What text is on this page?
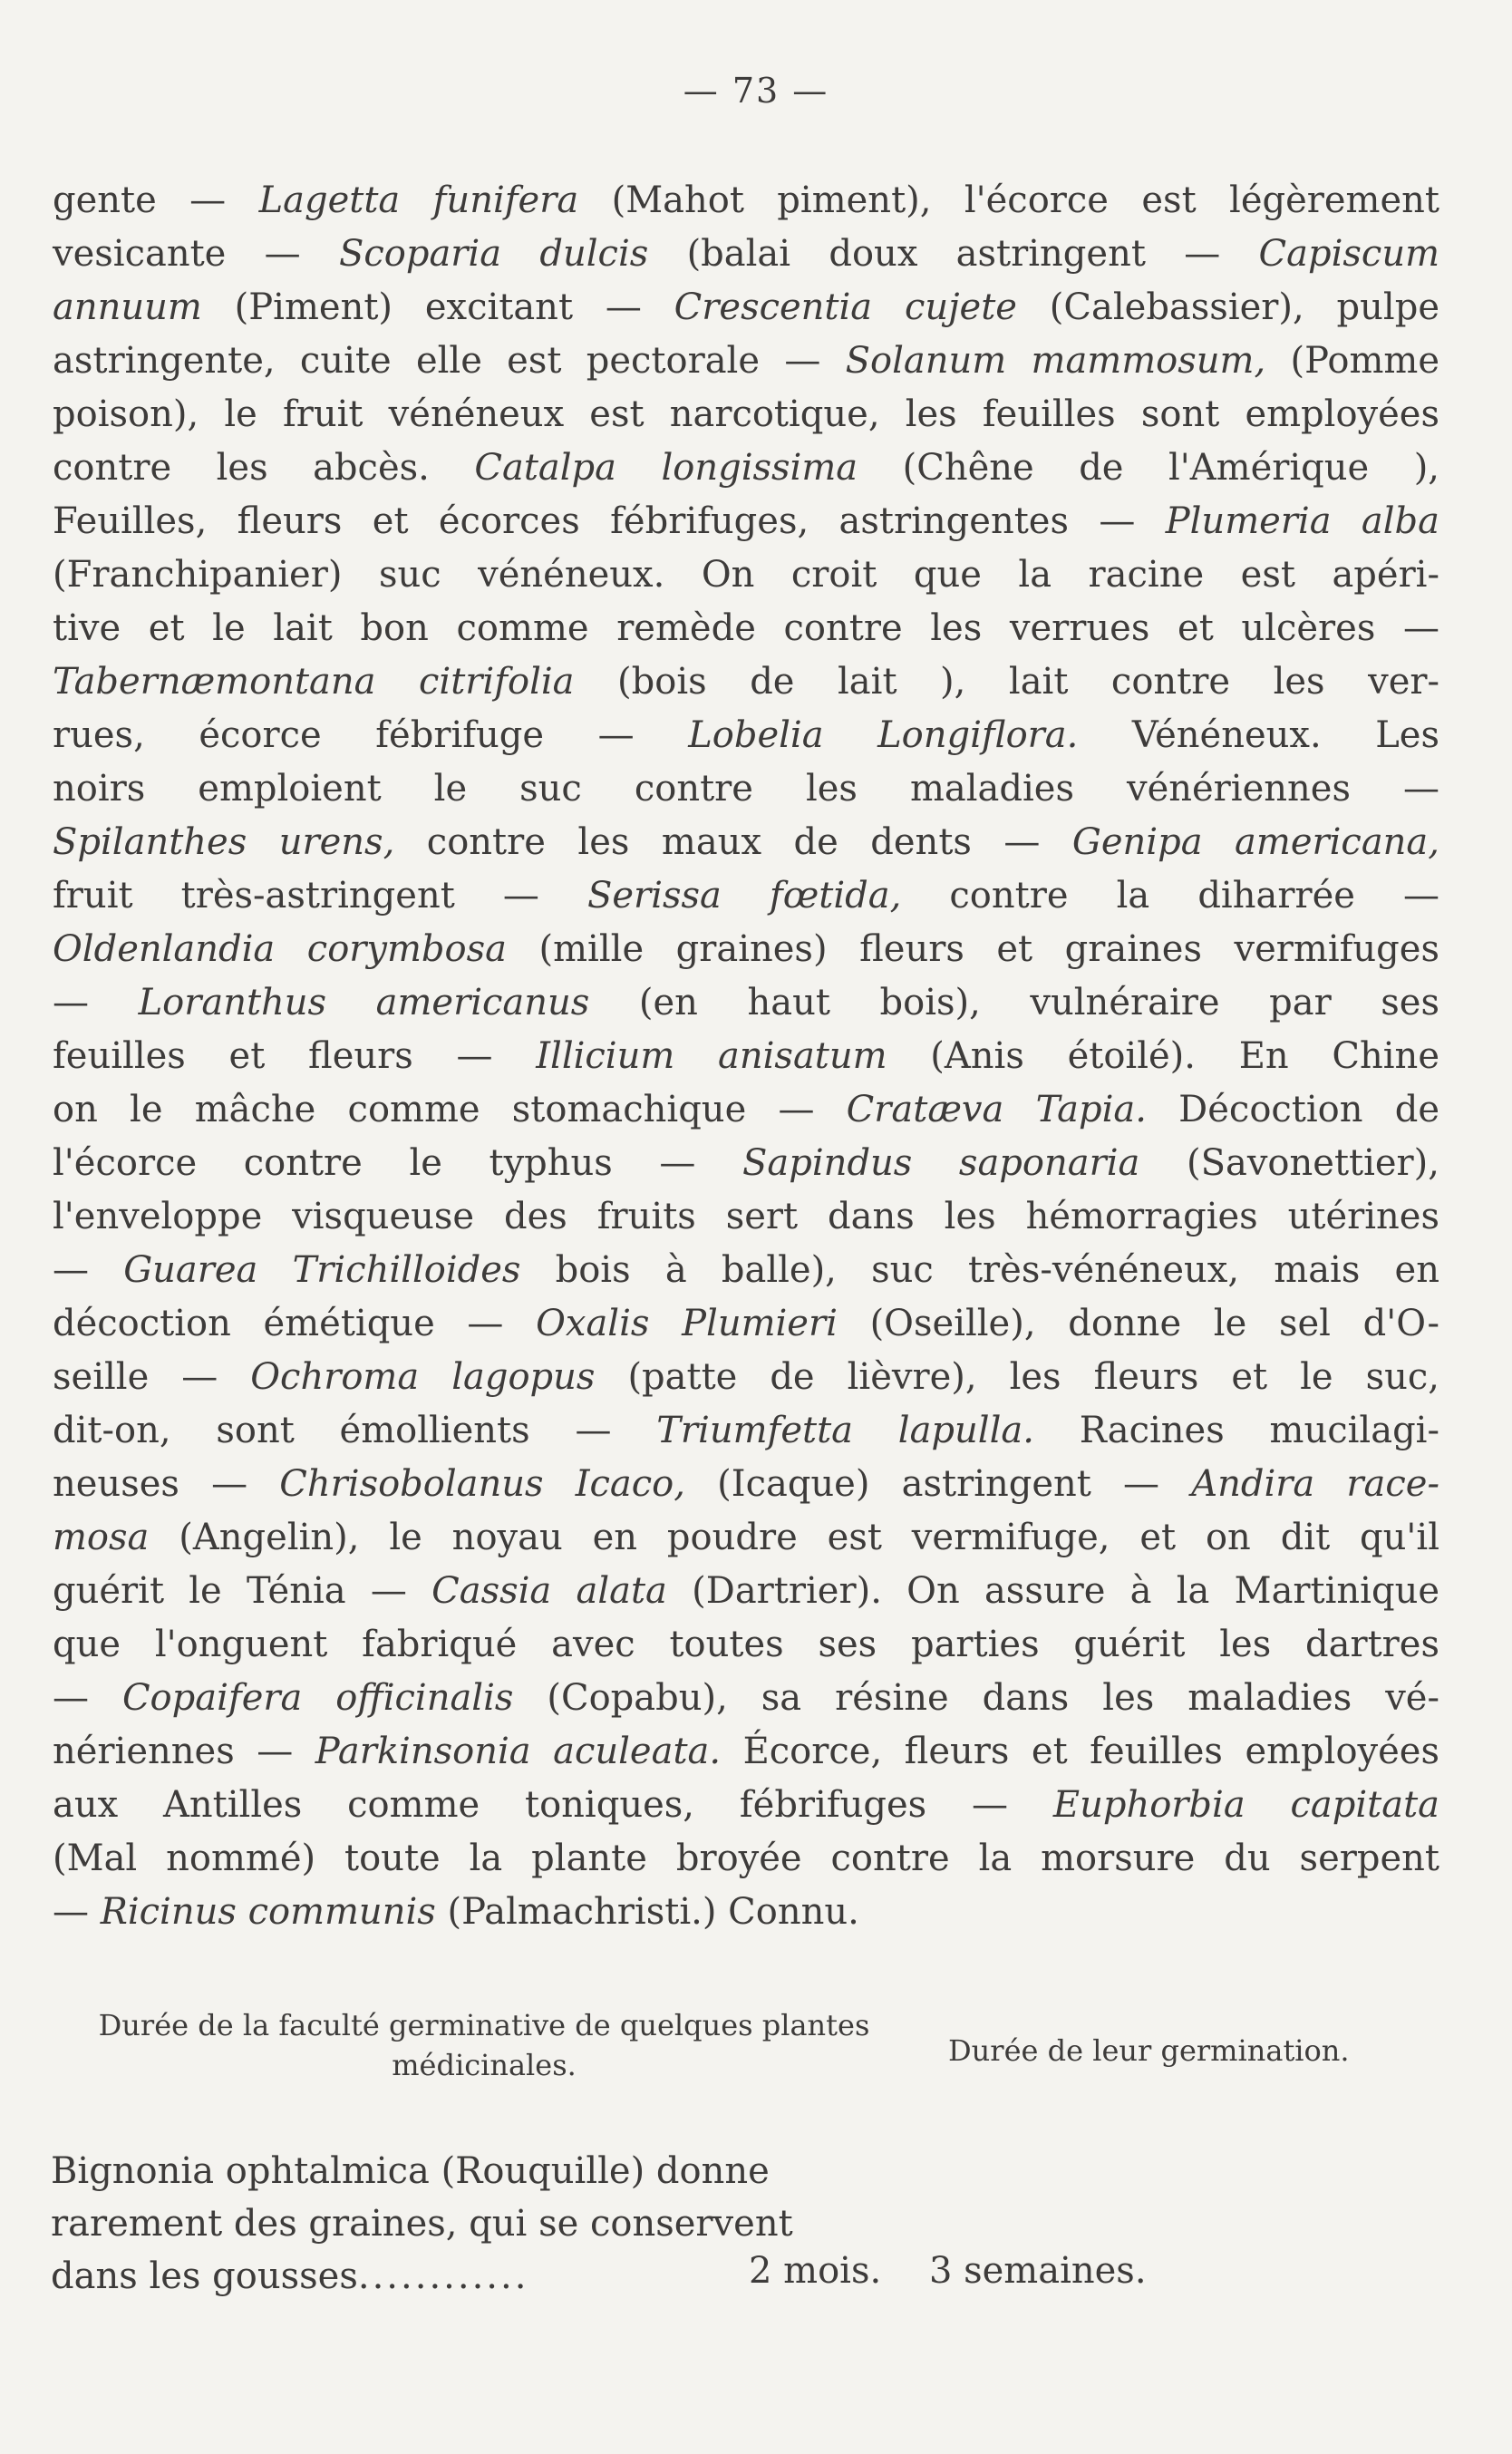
— 73 —
gente — Lagetta funifera (Mahot piment), l'écorce est légèrement
vesicante — Scoparia dulcis (balai doux astringent — Capiscum
annuum (Piment) excitant — Crescentia cujete (Calebassier), pulpe
astringente, cuite elle est pectorale — Solanum mammosum, (Pomme
poison), le fruit vénéneux est narcotique, les feuilles sont employées
contre les abcès. Catalpa longissima (Chêne de l'Amérique ),
Feuilles, fleurs et écorces fébrifuges, astringentes — Plumeria alba
(Franchipanier) suc vénéneux. On croit que la racine est apéri-
tive et le lait bon comme remède contre les verrues et ulcères —
Tabernæmontana citrifolia (bois de lait ), lait contre les ver-
rues, écorce fébrifuge — Lobelia Longiflora. Vénéneux. Les
noirs emploient le suc contre les maladies vénériennes —
Spilanthes urens, contre les maux de dents — Genipa americana,
fruit très-astringent — Serissa fœtida, contre la diharrée —
Oldenlandia corymbosa (mille graines) fleurs et graines vermifuges
— Loranthus americanus (en haut bois), vulnéraire par ses
feuilles et fleurs — Illicium anisatum (Anis étoilé). En Chine
on le mâche comme stomachique — Cratæva Tapia. Décoction de
l'écorce contre le typhus — Sapindus saponaria (Savonettier),
l'enveloppe visqueuse des fruits sert dans les hémorragies utérines
— Guarea Trichilloides bois à balle), suc très-vénéneux, mais en
décoction émétique — Oxalis Plumieri (Oseille), donne le sel d'O-
seille — Ochroma lagopus (patte de lièvre), les fleurs et le suc,
dit-on, sont émollients — Triumfetta lapulla. Racines mucilagi-
neuses — Chrisobolanus Icaco, (Icaque) astringent — Andira race-
mosa (Angelin), le noyau en poudre est vermifuge, et on dit qu'il
guérit le Ténia — Cassia alata (Dartrier). On assure à la Martinique
que l'onguent fabriqué avec toutes ses parties guérit les dartres
— Copaifera officinalis (Copabu), sa résine dans les maladies vé-
nériennes — Parkinsonia aculeata. Écorce, fleurs et feuilles employées
aux Antilles comme toniques, fébrifuges — Euphorbia capitata
(Mal nommé) toute la plante broyée contre la morsure du serpent
— Ricinus communis (Palmachristi.) Connu.
Durée de la faculté germinative de quelques plantes
médicinales.	Durée de leur germination.
Bignonia ophtalmica (Rouquille) donne
rarement des graines, qui se conservent
dans les gousses............	2 mois. 3 semaines.
